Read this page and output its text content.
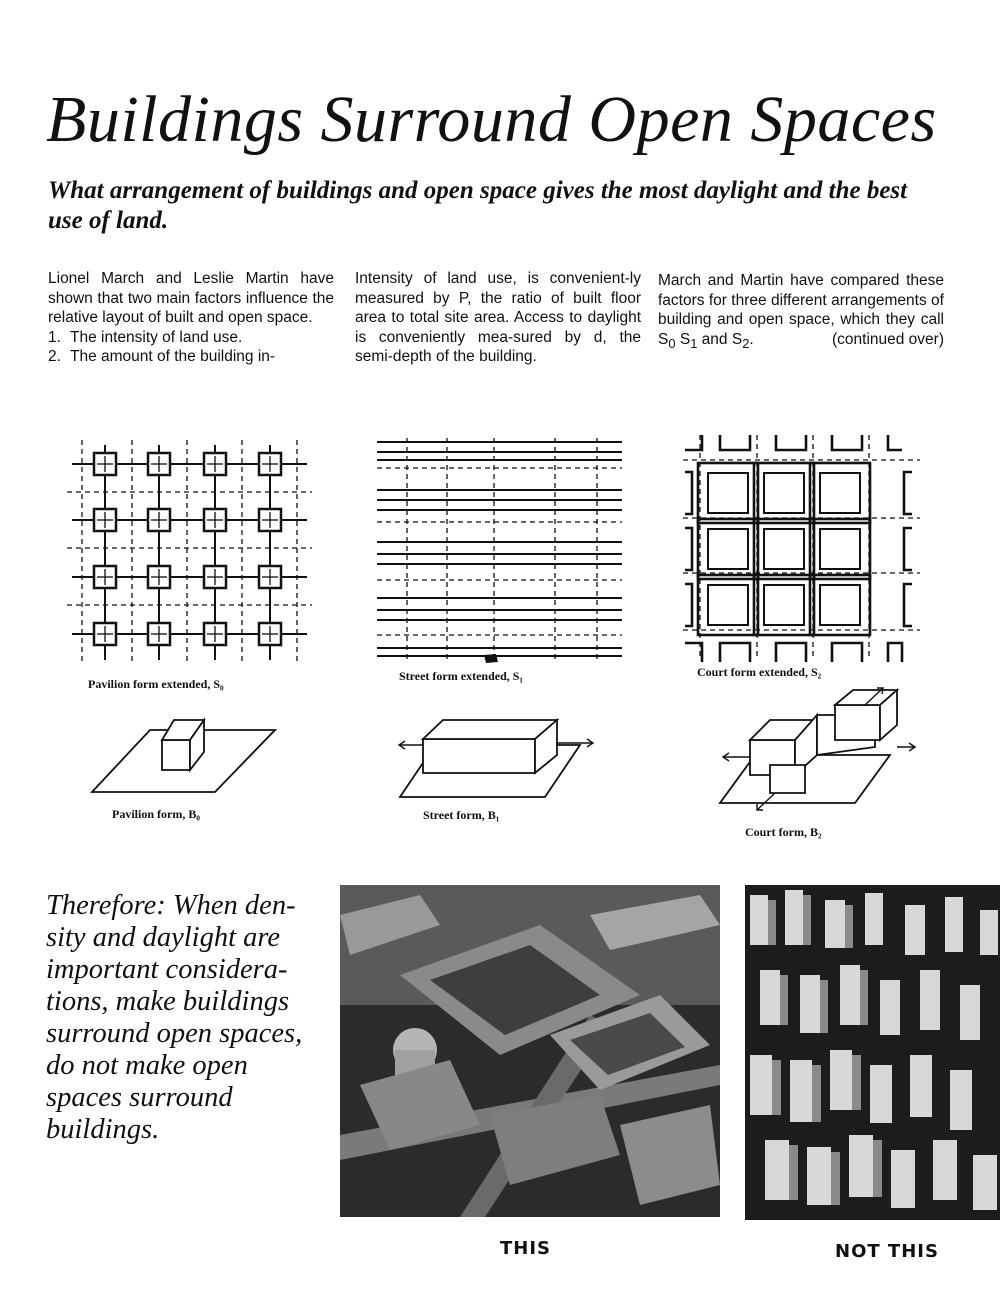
Buildings Surround Open Spaces
What arrangement of buildings and open space gives the most daylight and the best use of land.

Lionel March and Leslie Martin have shown that two main factors influence the relative layout of built and open space.

1. The intensity of land use.
2. The amount of the building in-

Intensity of land use, is convenient-ly measured by P, the ratio of built floor area to total site area. Access to daylight is conveniently mea-sured by d, the semi-depth of the building.

March and Martin have compared these factors for three different arrangements of building and open space, which they call $S_0$ $S_1$ and $S_2$.	(continued over)

Pavilion form extended, S₀
Street form extended, S₁	Court form extended, S₂
Pavilion form, B₀	Street form, B₁
Court form, B₂
Therefore: When den-sity and daylight are important considera-tions, make buildings surround open spaces, do not make open spaces surround buildings.
THIS	NOT THIS
